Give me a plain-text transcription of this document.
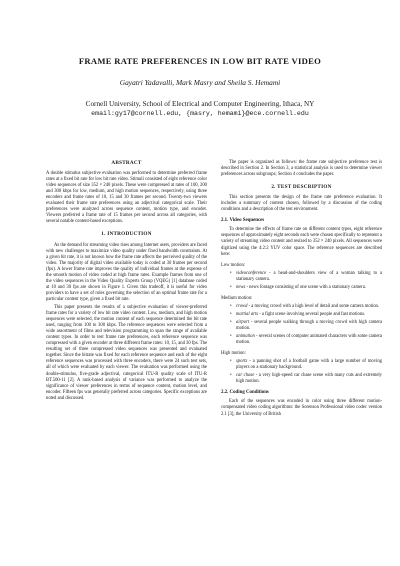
FRAME RATE PREFERENCES IN LOW BIT RATE VIDEO
Gayatri Yadavalli, Mark Masry and Sheila S. Hemami
Cornell University, School of Electrical and Computer Engineering, Ithaca, NY
email:gy17@cornell.edu, {masry, hemami}@ece.cornell.edu
ABSTRACT

A double stimulus subjective evaluation was performed to determine preferred frame rates at a fixed bit rate for low bit rate video. Stimuli consisted of eight reference color video sequences of size 352 × 240 pixels. These were compressed at rates of 100, 200 and 300 kbps for low, medium, and high motion sequences, respectively, using three encoders and frame rates of 10, 15 and 30 frames per second. Twenty-two viewers evaluated their frame rate preferences using an adjectival categorical scale. Their preferences were analyzed across sequence content, motion type, and encoder. Viewers preferred a frame rate of 15 frames per second across all categories, with several notable content-based exceptions.

1. INTRODUCTION

As the demand for streaming video rises among Internet users, providers are faced with new challenges to maximize video quality under fixed bandwidth constraints. At a given bit rate, it is not known how the frame rate affects the perceived quality of the video. The majority of digital video available today is coded at 30 frames per second (fps). A lower frame rate improves the quality of individual frames at the expense of the smooth motion of video coded at high frame rates. Example frames from one of the video sequences in the Video Quality Experts Group (VQEG) [1] database coded at 10 and 30 fps are shown in Figure 1. Given this tradeoff, it is useful for video providers to have a set of rules governing the selection of an optimal frame rate for a particular content type, given a fixed bit rate.

This paper presents the results of a subjective evaluation of viewer-preferred frame rates for a variety of low bit rate video content. Low, medium, and high motion sequences were selected, the motion content of each sequence determined the bit rate used, ranging from 100 to 300 kbps. The reference sequences were selected from a wide assortment of films and television programming to span the range of available content types. In order to test frame rate preferences, each reference sequence was compressed with a given encoder at three different frame rates: 10, 15, and 30 fps. The resulting set of three compressed video sequences was presented and evaluated together. Since the bitrate was fixed for each reference sequence and each of the eight reference sequences was processed with three encoders, there were 24 such test sets, all of which were evaluated by each viewer. The evaluation was performed using the double-stimulus, five-grade adjectival, categorical ITU-R quality scale of ITU-R BT.500-11 [2]. A rank-based analysis of variance was performed to analyze the significance of viewer preferences in terms of sequence content, motion level, and encoder. Fifteen fps was generally preferred across categories. Specific exceptions are noted and discussed.

The paper is organized as follows: the frame rate subjective preference test is described in Section 2. In Section 3, a statistical analysis is used to determine viewer preferences across subgroups; Section 4 concludes the paper.

2. TEST DESCRIPTION

This section presents the design of the frame rate preference evaluation. It includes a summary of content chosen, followed by a discussion of the coding conditions and a description of the test environment.

2.1. Video Sequences

To determine the effects of frame rate on different content types, eight reference sequences of approximately eight seconds each were chosen specifically to represent a variety of streaming video content and resized to 352 × 240 pixels. All sequences were digitized using the 4:2:2 YUV color space. The reference sequences are described here:

Low motion:
• videoconference - a head-and-shoulders view of a woman talking to a stationary camera.
• news - news footage consisting of one scene with a stationary camera.
Medium motion:
• crowd - a moving crowd with a high level of detail and some camera motion.
• martial arts - a fight scene involving several people and fast motions.
• airport - several people walking through a moving crowd with high camera motion.
• animation - several scenes of computer animated characters with some camera motion.
High motion:
• sports - a panning shot of a football game with a large number of moving players on a stationary background.
• car chase - a very high-speed car chase scene with many cuts and extremely high motion.
2.2. Coding Conditions

Each of the sequences was encoded in color using three different motion-compensated video coding algorithms: the Sorenson Professional video codec version 2.1 [3], the University of British
